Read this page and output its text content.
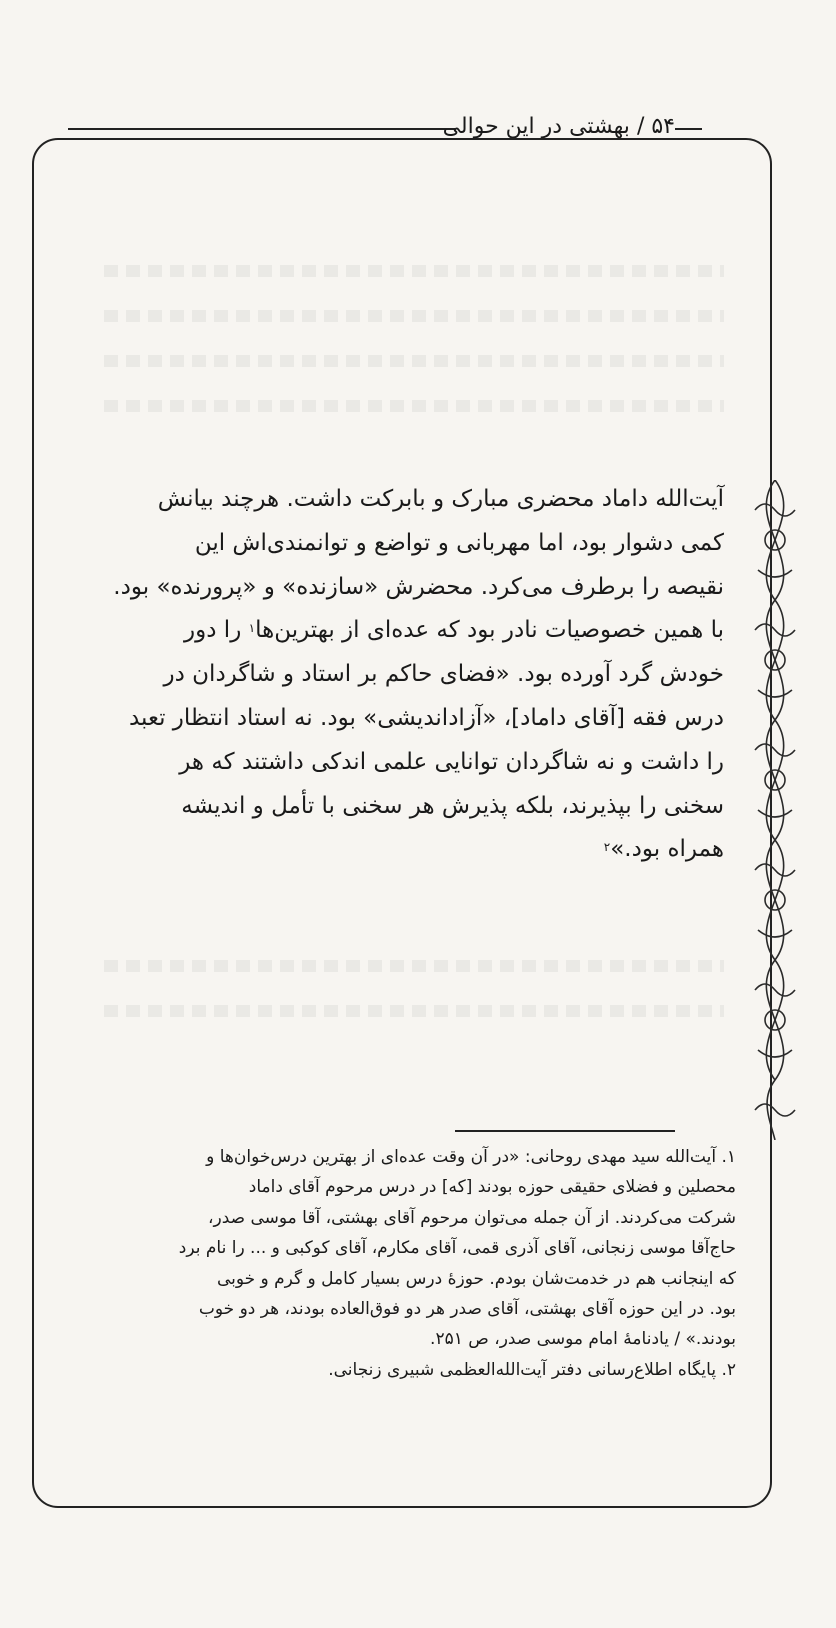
۵۴ / بهشتی در این حوالی

آیت‌الله داماد محضری مبارک و بابرکت داشت. هرچند بیانش

کمی دشوار بود، اما مهربانی و تواضع و توانمندی‌اش این

نقیصه را برطرف می‌کرد. محضرش «سازنده» و «پرورنده» بود.

با همین خصوصیات نادر بود که عده‌ای از بهترین‌ها$^۱$ را دور

خودش گرد آورده بود. «فضای حاکم بر استاد و شاگردان در

درس فقه [آقای داماد]، «آزاداندیشی» بود. نه استاد انتظار تعبد

را داشت و نه شاگردان توانایی علمی اندکی داشتند که هر

سخنی را بپذیرند، بلکه پذیرش هر سخنی با تأمل و اندیشه

همراه بود.»$^۲$

۱. آیت‌الله سید مهدی روحانی: «در آن وقت عده‌ای از بهترین درس‌خوان‌ها و

محصلین و فضلای حقیقی حوزه بودند [که] در درس مرحوم آقای داماد

شرکت می‌کردند. از آن جمله می‌توان مرحوم آقای بهشتی، آقا موسی صدر،

حاج‌آقا موسی زنجانی، آقای آذری قمی، آقای مکارم، آقای کوکبی و ... را نام برد

که اینجانب هم در خدمت‌شان بودم. حوزهٔ درس بسیار کامل و گرم و خوبی

بود. در این حوزه آقای بهشتی، آقای صدر هر دو فوق‌العاده بودند، هر دو خوب

بودند.» / یادنامهٔ امام موسی صدر، ص ۲۵۱.

۲. پایگاه اطلاع‌رسانی دفتر آیت‌الله‌العظمی شبیری زنجانی.
